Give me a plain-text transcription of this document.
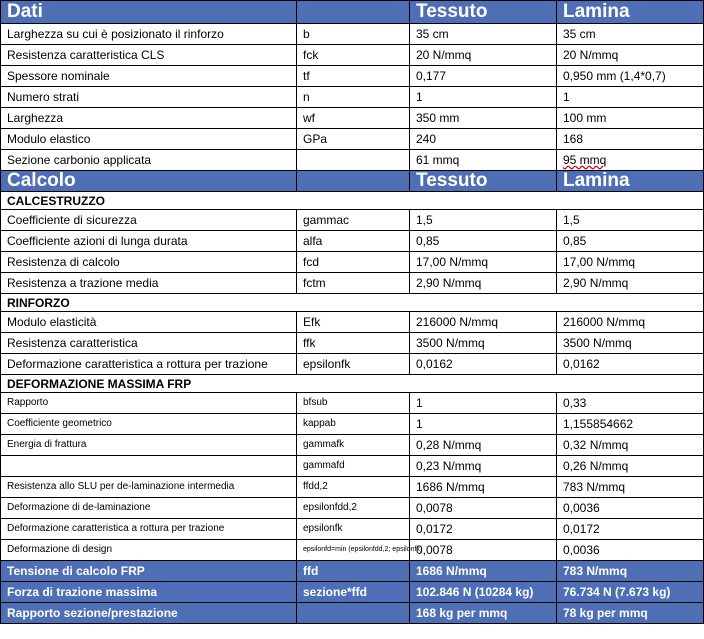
Dati		Tessuto	Lamina
Larghezza su cui è posizionato il rinforzo	b	35 cm	35 cm
Resistenza caratteristica CLS	fck	20 N/mmq	20 N/mmq
Spessore nominale	tf	0,177	0,950 mm (1,4*0,7)
Numero strati	n	1	1
Larghezza	wf	350 mm	100 mm
Modulo elastico	GPa	240	168
Sezione carbonio applicata		61 mmq	95 mmq
Calcolo		Tessuto	Lamina
CALCESTRUZZO			
Coefficiente di sicurezza	gammac	1,5	1,5
Coefficiente azioni di lunga durata	alfa	0,85	0,85
Resistenza di calcolo	fcd	17,00 N/mmq	17,00 N/mmq
Resistenza a trazione media	fctm	2,90 N/mmq	2,90 N/mmq
RINFORZO			
Modulo elasticità	Efk	216000 N/mmq	216000 N/mmq
Resistenza caratteristica	ffk	3500 N/mmq	3500 N/mmq
Deformazione caratteristica a rottura per trazione	epsilonfk	0,0162	0,0162
DEFORMAZIONE MASSIMA FRP			
Rapporto	bfsub	1	0,33
Coefficiente geometrico	kappab	1	1,155854662
Energia di frattura	gammafk	0,28 N/mmq	0,32 N/mmq
	gammafd	0,23 N/mmq	0,26 N/mmq
Resistenza allo SLU per de-laminazione intermedia	ffdd,2	1686 N/mmq	783 N/mmq
Deformazione di de-laminazione	epsilonfdd,2	0,0078	0,0036
Deformazione caratteristica a rottura per trazione	epsilonfk	0,0172	0,0172
Deformazione di design	epsilonfd=min (epsilonfdd,2; epsilonfk)	0,0078	0,0036
Tensione di calcolo FRP	ffd	1686 N/mmq	783 N/mmq
Forza di trazione massima	sezione*ffd	102.846 N (10284 kg)	76.734 N (7.673 kg)
Rapporto sezione/prestazione		168 kg per mmq	78 kg per mmq
